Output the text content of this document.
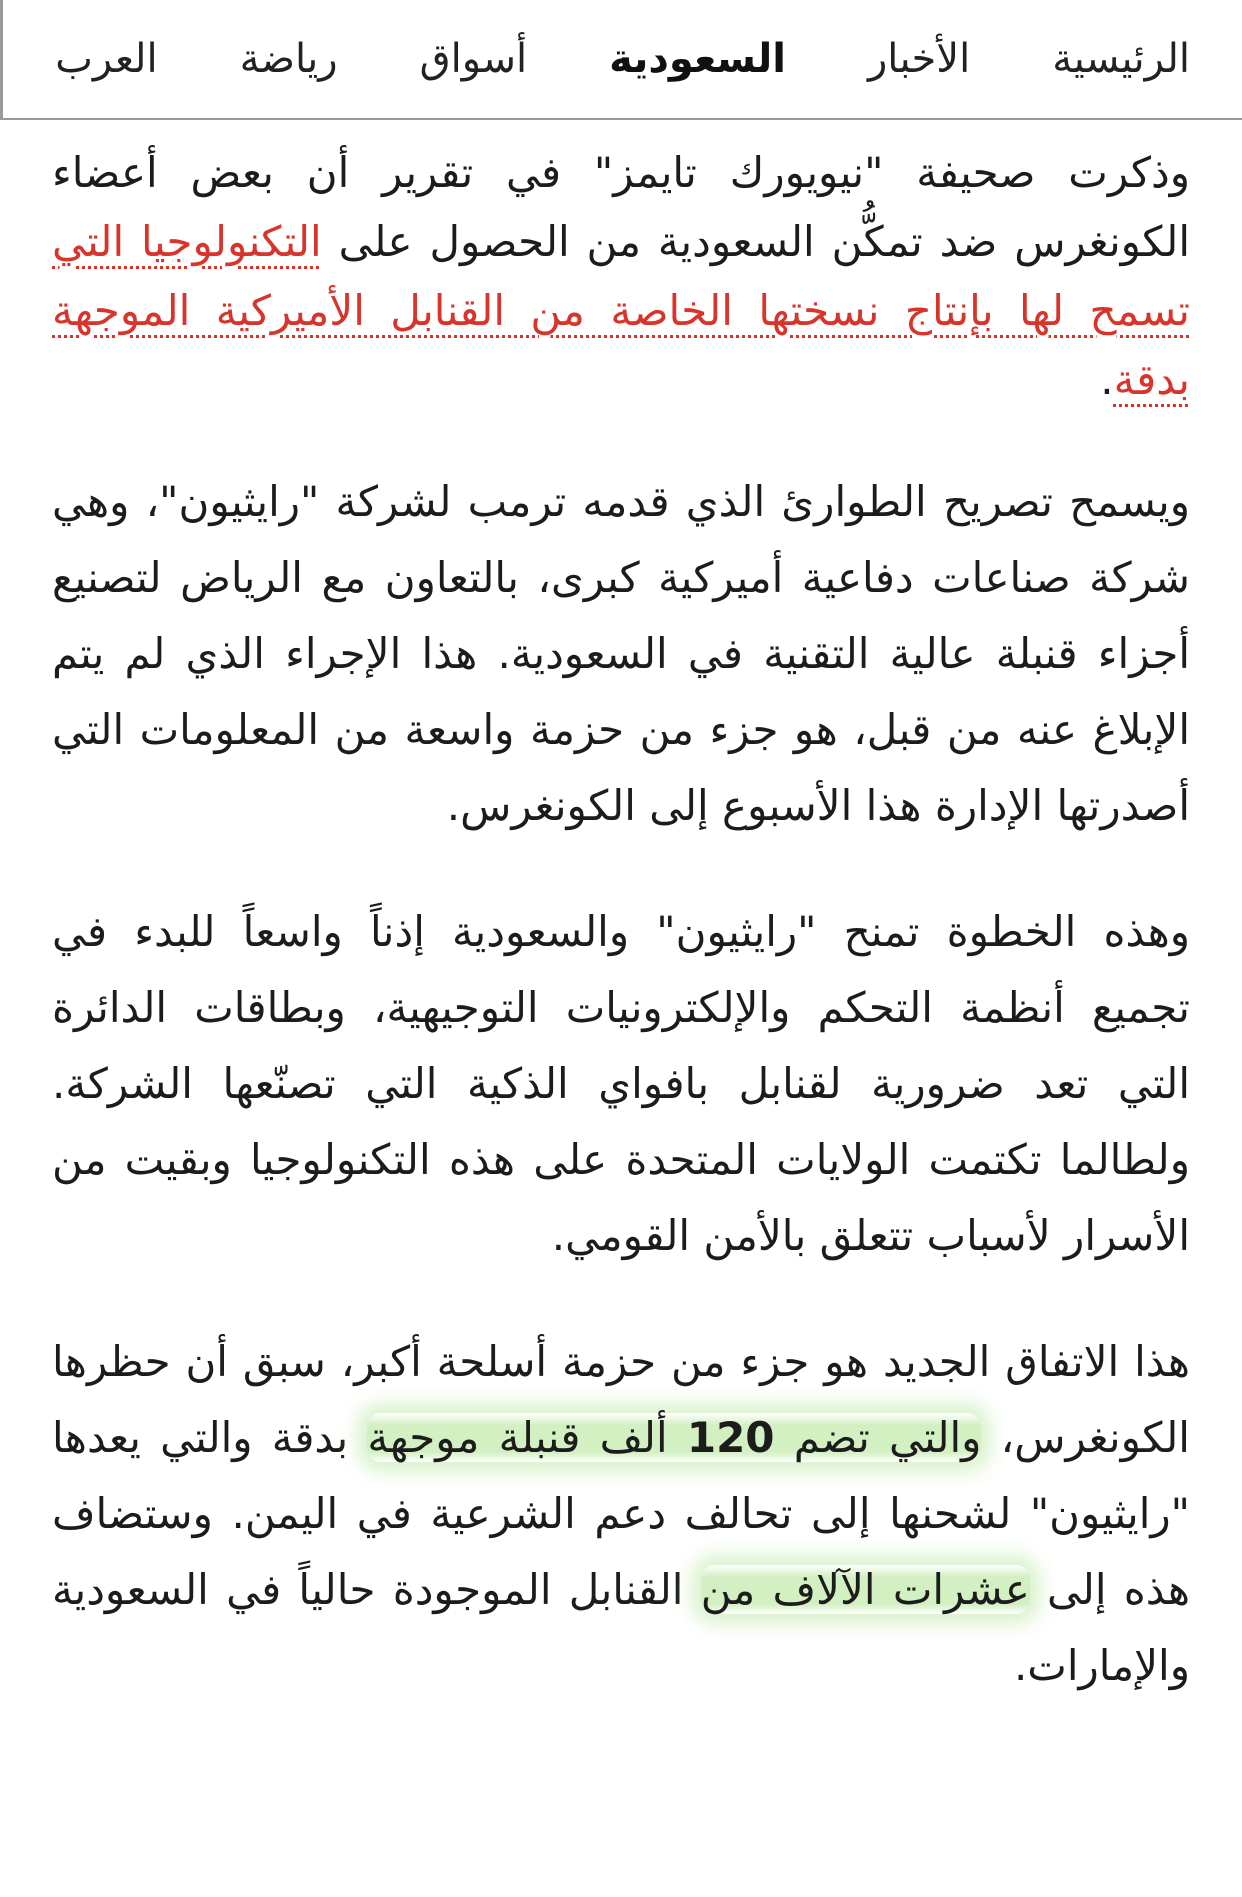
الرئيسية
الأخبار
السعودية
أسواق
رياضة
العرب

وذكرت صحيفة "نيويورك تايمز" في تقرير أن بعض أعضاء الكونغرس ضد تمكُّن السعودية من الحصول على التكنولوجيا التي تسمح لها بإنتاج نسختها الخاصة من القنابل الأميركية الموجهة بدقة.

ويسمح تصريح الطوارئ الذي قدمه ترمب لشركة "رايثيون"، وهي شركة صناعات دفاعية أميركية كبرى، بالتعاون مع الرياض لتصنيع أجزاء قنبلة عالية التقنية في السعودية. هذا الإجراء الذي لم يتم الإبلاغ عنه من قبل، هو جزء من حزمة واسعة من المعلومات التي أصدرتها الإدارة هذا الأسبوع إلى الكونغرس.

وهذه الخطوة تمنح "رايثيون" والسعودية إذناً واسعاً للبدء في تجميع أنظمة التحكم والإلكترونيات التوجيهية، وبطاقات الدائرة التي تعد ضرورية لقنابل بافواي الذكية التي تصنّعها الشركة. ولطالما تكتمت الولايات المتحدة على هذه التكنولوجيا وبقيت من الأسرار لأسباب تتعلق بالأمن القومي.

هذا الاتفاق الجديد هو جزء من حزمة أسلحة أكبر، سبق أن حظرها الكونغرس، والتي تضم 120 ألف قنبلة موجهة بدقة والتي يعدها "رايثيون" لشحنها إلى تحالف دعم الشرعية في اليمن. وستضاف هذه إلى عشرات الآلاف من القنابل الموجودة حالياً في السعودية والإمارات.
